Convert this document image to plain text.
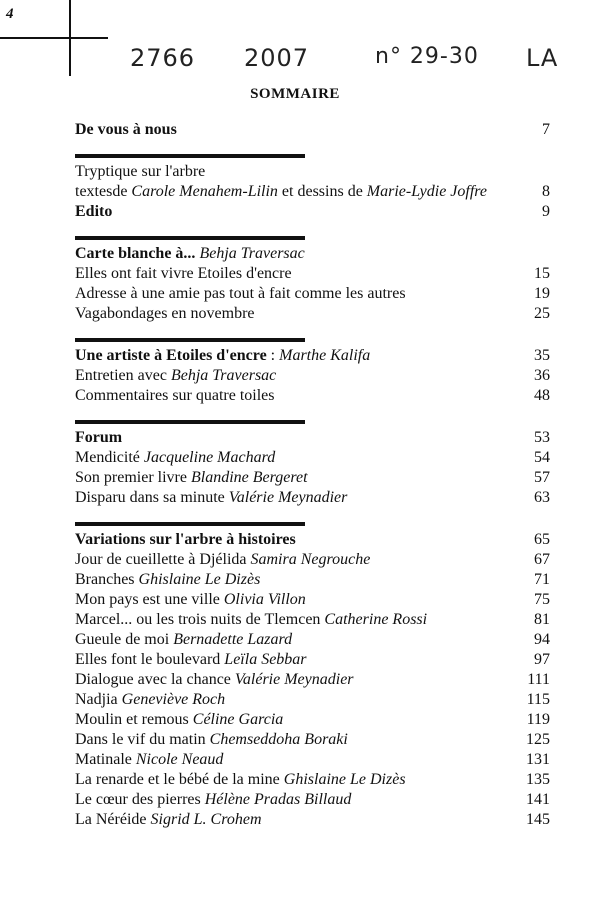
4
2766 2007	n° 29-30 LA
SOMMAIRE
De vous à nous	7
Tryptique sur l'arbre
textesde Carole Menahem-Lilin et dessins de Marie-Lydie Joffre	8
Edito	9
Carte blanche à... Behja Traversac
Elles ont fait vivre Etoiles d'encre	15
Adresse à une amie pas tout à fait comme les autres	19
Vagabondages en novembre	25
Une artiste à Etoiles d'encre : Marthe Kalifa	35
Entretien avec Behja Traversac	36
Commentaires sur quatre toiles	48
Forum	53
Mendicité Jacqueline Machard	54
Son premier livre Blandine Bergeret	57
Disparu dans sa minute Valérie Meynadier	63
Variations sur l'arbre à histoires	65
Jour de cueillette à Djélida Samira Negrouche	67
Branches Ghislaine Le Dizès	71
Mon pays est une ville Olivia Villon	75
Marcel... ou les trois nuits de Tlemcen Catherine Rossi	81
Gueule de moi Bernadette Lazard	94
Elles font le boulevard Leïla Sebbar	97
Dialogue avec la chance Valérie Meynadier	111
Nadjia Geneviève Roch	115
Moulin et remous Céline Garcia	119
Dans le vif du matin Chemseddoha Boraki	125
Matinale Nicole Neaud	131
La renarde et le bébé de la mine Ghislaine Le Dizès	135
Le cœur des pierres Hélène Pradas Billaud	141
La Néréide Sigrid L. Crohem	145
